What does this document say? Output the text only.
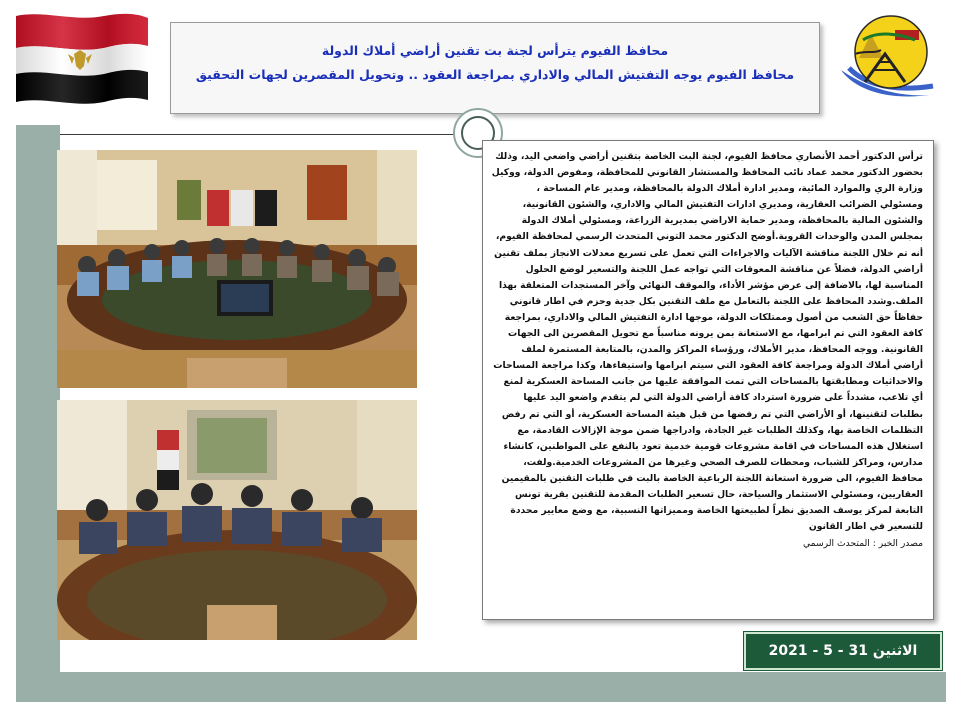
محافظ الفيوم يترأس لجنة بت تقنين أراضي أملاك الدولة
محافظ الفيوم يوجه التفتيش المالي والاداري بمراجعة العقود .. وتحويل المقصرين لجهات التحقيق

ترأس الدكتور أحمد الأنصاري محافظ الفيوم، لجنة البت الخاصة بتقنين أراضي واضعي اليد، وذلك بحضور الدكتور محمد عماد نائب المحافظ والمستشار القانوني للمحافظة، ومفوض الدولة، ووكيل وزارة الري والموارد المائية، ومدير ادارة أملاك الدولة بالمحافظة، ومدير عام المساحة ، ومسئولي الضرائب العقارية، ومديري ادارات التفتيش المالي والاداري، والشئون القانونية، والشئون المالية بالمحافظة، ومدير حماية الاراضي بمديرية الزراعة، ومسئولي أملاك الدولة بمجلس المدن والوحدات القروية.أوضح الدكتور محمد التوني المتحدث الرسمي لمحافظة الفيوم، أنه تم خلال اللجنة مناقشة الآليات والاجراءات التي تعمل على تسريع معدلات الانجاز بملف تقنين أراضي الدولة، فضلاً عن مناقشة المعوقات التي تواجه عمل اللجنة والتسعير لوضع الحلول المناسبة لها، بالاضافة إلى عرض مؤشر الأداء، والموقف النهائي وآخر المستجدات المتعلقة بهذا الملف.وشدد المحافظ على اللجنة بالتعامل مع ملف التقنين بكل جدية وحزم في اطار قانوني حفاظاً حق الشعب من أصول وممتلكات الدولة، موجها ادارة التفتيش المالي والاداري، بمراجعة كافة العقود التي تم ابرامها، مع الاستعانة بمن يرونه مناسباً مع تحويل المقصرين الى الجهات القانونية. ووجه المحافظ، مدير الأملاك، ورؤساء المراكز والمدن، بالمتابعة المستمرة لملف أراضي أملاك الدولة ومراجعة كافة العقود التي سيتم ابرامها واستيفاءها، وكذا مراجعة المساحات والاحداثيات ومطابقتها بالمساحات التي تمت الموافقة عليها من جانب المساحة العسكرية لمنع أي تلاعب، مشدداً على ضرورة استرداد كافة أراضي الدولة التي لم يتقدم واضعو اليد عليها بطلبات لتقنينها، أو الأراضي التي تم رفضها من قبل هيئة المساحة العسكرية، أو التي تم رفض التظلمات الخاصة بها، وكذلك الطلبات غير الجادة، وادراجها ضمن موجة الإزالات القادمة، مع استغلال هذه المساحات في اقامة مشروعات قومية خدمية تعود بالنفع على المواطنين، كانشاء مدارس، ومراكز للشباب، ومحطات للصرف الصحي وغيرها من المشروعات الخدمية.ولفت، محافظ الفيوم، الى ضرورة استعانة اللجنة الرباعية الخاصة بالبت في طلبات التقنين بالمقيمين العقاريين، ومسئولي الاستثمار والسياحة، حال تسعير الطلبات المقدمة للتقنين بقرية تونس التابعة لمركز يوسف الصديق نظراً لطبيعتها الخاصة ومميزاتها النسبية، مع وضع معايير محددة للتسعير في اطار القانون

مصدر الخبر : المتحدث الرسمي

الاثنين 31 - 5 - 2021
